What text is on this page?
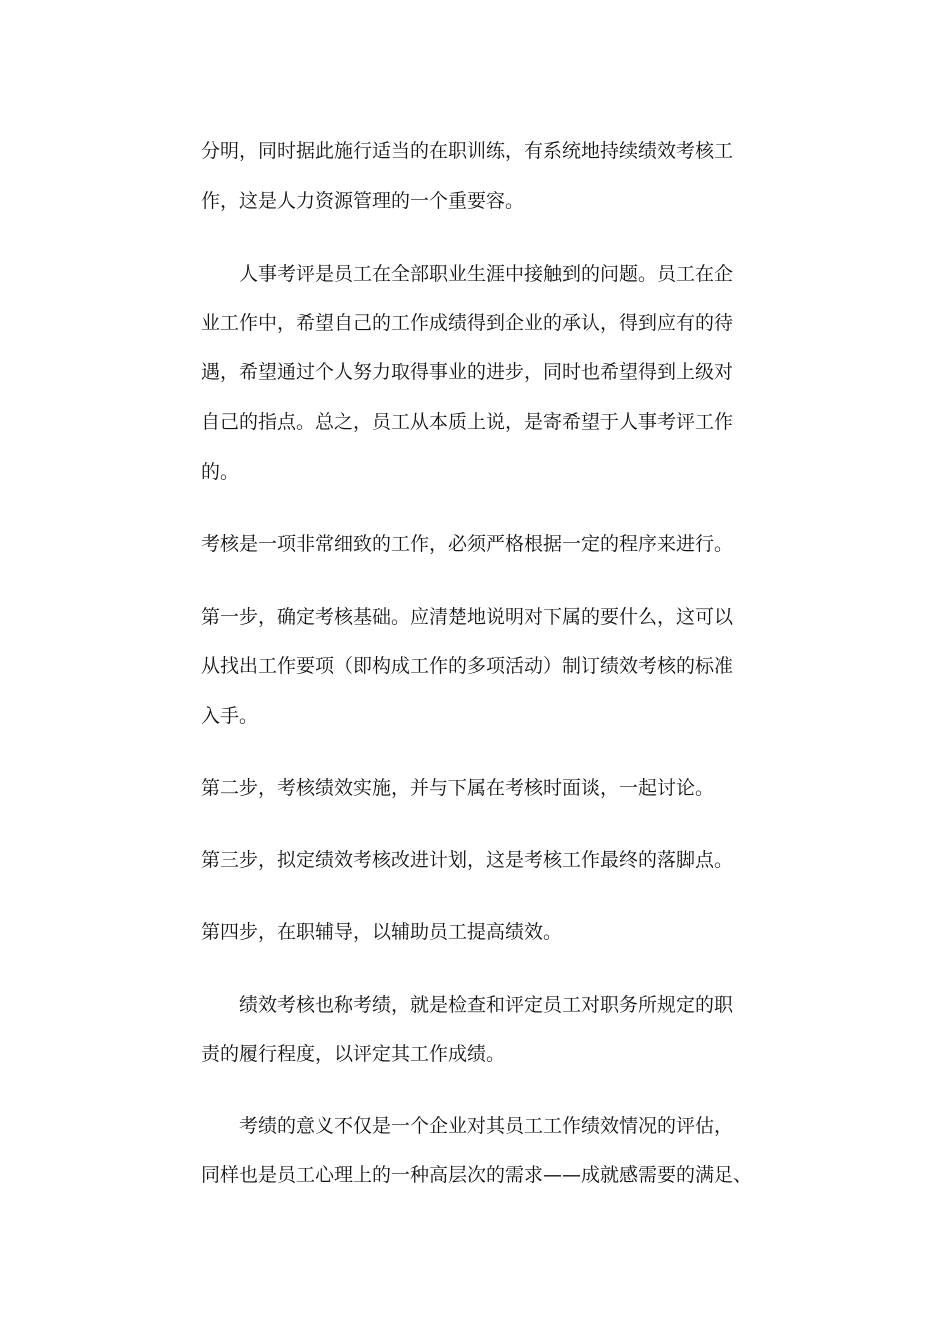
分明，同时据此施行适当的在职训练，有系统地持续绩效考核工
作，这是人力资源管理的一个重要容。
人事考评是员工在全部职业生涯中接触到的问题。员工在企
业工作中，希望自己的工作成绩得到企业的承认，得到应有的待
遇，希望通过个人努力取得事业的进步，同时也希望得到上级对
自己的指点。总之，员工从本质上说，是寄希望于人事考评工作
的。
考核是一项非常细致的工作，必须严格根据一定的程序来进行。
第一步，确定考核基础。应清楚地说明对下属的要什么，这可以
从找出工作要项（即构成工作的多项活动）制订绩效考核的标准
入手。
第二步，考核绩效实施，并与下属在考核时面谈，一起讨论。
第三步，拟定绩效考核改进计划，这是考核工作最终的落脚点。
第四步，在职辅导，以辅助员工提高绩效。
绩效考核也称考绩，就是检查和评定员工对职务所规定的职
责的履行程度，以评定其工作成绩。
考绩的意义不仅是一个企业对其员工工作绩效情况的评估，
同样也是员工心理上的一种高层次的需求——成就感需要的满足、
